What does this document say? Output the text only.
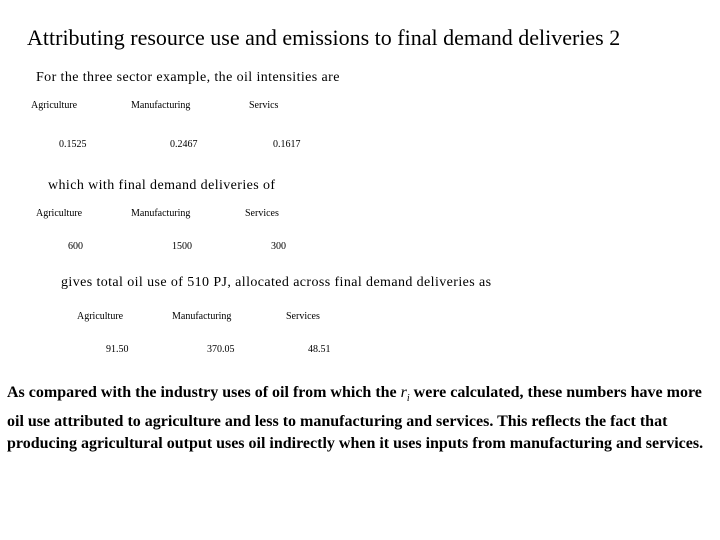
Attributing resource use and emissions to final demand deliveries 2
For the three sector example, the oil intensities are
Agriculture	Manufacturing	Servics
0.1525	0.2467	0.1617
which with final demand deliveries of
Agriculture	Manufacturing	Services
600	1500	300
gives total oil use of 510 PJ, allocated across final demand deliveries as
Agriculture	Manufacturing	Services
91.50	370.05	48.51
As compared with the industry uses of oil from which the $r_i$ were calculated, these numbers have more oil use attributed to agriculture and less to manufacturing and services. This reflects the fact that producing agricultural output uses oil indirectly when it uses inputs from manufacturing and services.
